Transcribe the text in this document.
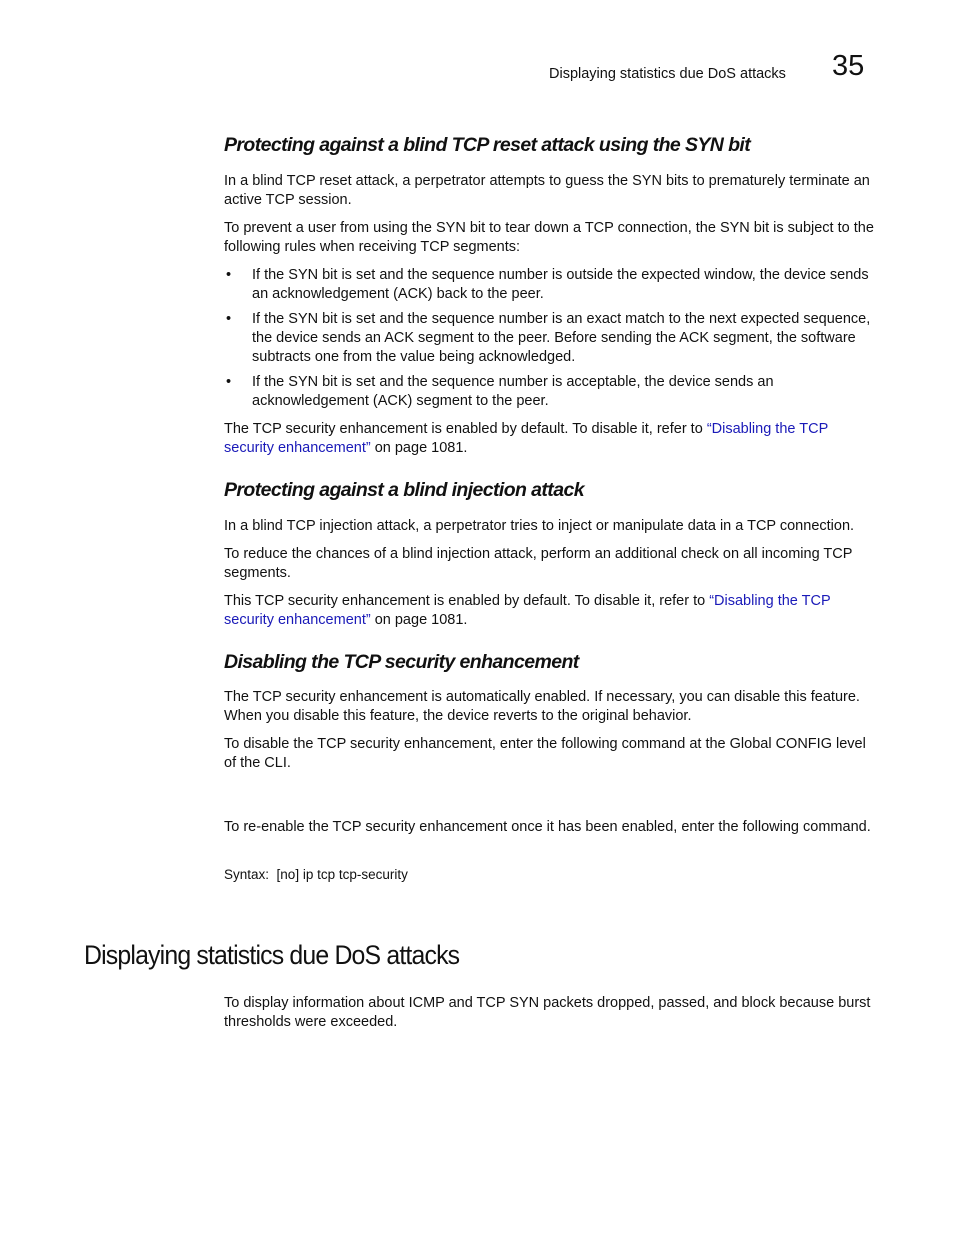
Displaying statistics due DoS attacks 35
Protecting against a blind TCP reset attack using the SYN bit

In a blind TCP reset attack, a perpetrator attempts to guess the SYN bits to prematurely terminate an active TCP session.

To prevent a user from using the SYN bit to tear down a TCP connection, the SYN bit is subject to the following rules when receiving TCP segments:

• If the SYN bit is set and the sequence number is outside the expected window, the device sends an acknowledgement (ACK) back to the peer.
• If the SYN bit is set and the sequence number is an exact match to the next expected sequence, the device sends an ACK segment to the peer. Before sending the ACK segment, the software subtracts one from the value being acknowledged.
• If the SYN bit is set and the sequence number is acceptable, the device sends an acknowledgement (ACK) segment to the peer.

The TCP security enhancement is enabled by default. To disable it, refer to “Disabling the TCP security enhancement” on page 1081.

Protecting against a blind injection attack

In a blind TCP injection attack, a perpetrator tries to inject or manipulate data in a TCP connection.

To reduce the chances of a blind injection attack, perform an additional check on all incoming TCP segments.

This TCP security enhancement is enabled by default. To disable it, refer to “Disabling the TCP security enhancement” on page 1081.

Disabling the TCP security enhancement

The TCP security enhancement is automatically enabled. If necessary, you can disable this feature. When you disable this feature, the device reverts to the original behavior.

To disable the TCP security enhancement, enter the following command at the Global CONFIG level of the CLI.

To re-enable the TCP security enhancement once it has been enabled, enter the following command.

Syntax: [no] ip tcp tcp-security

Displaying statistics due DoS attacks

To display information about ICMP and TCP SYN packets dropped, passed, and block because burst thresholds were exceeded.
